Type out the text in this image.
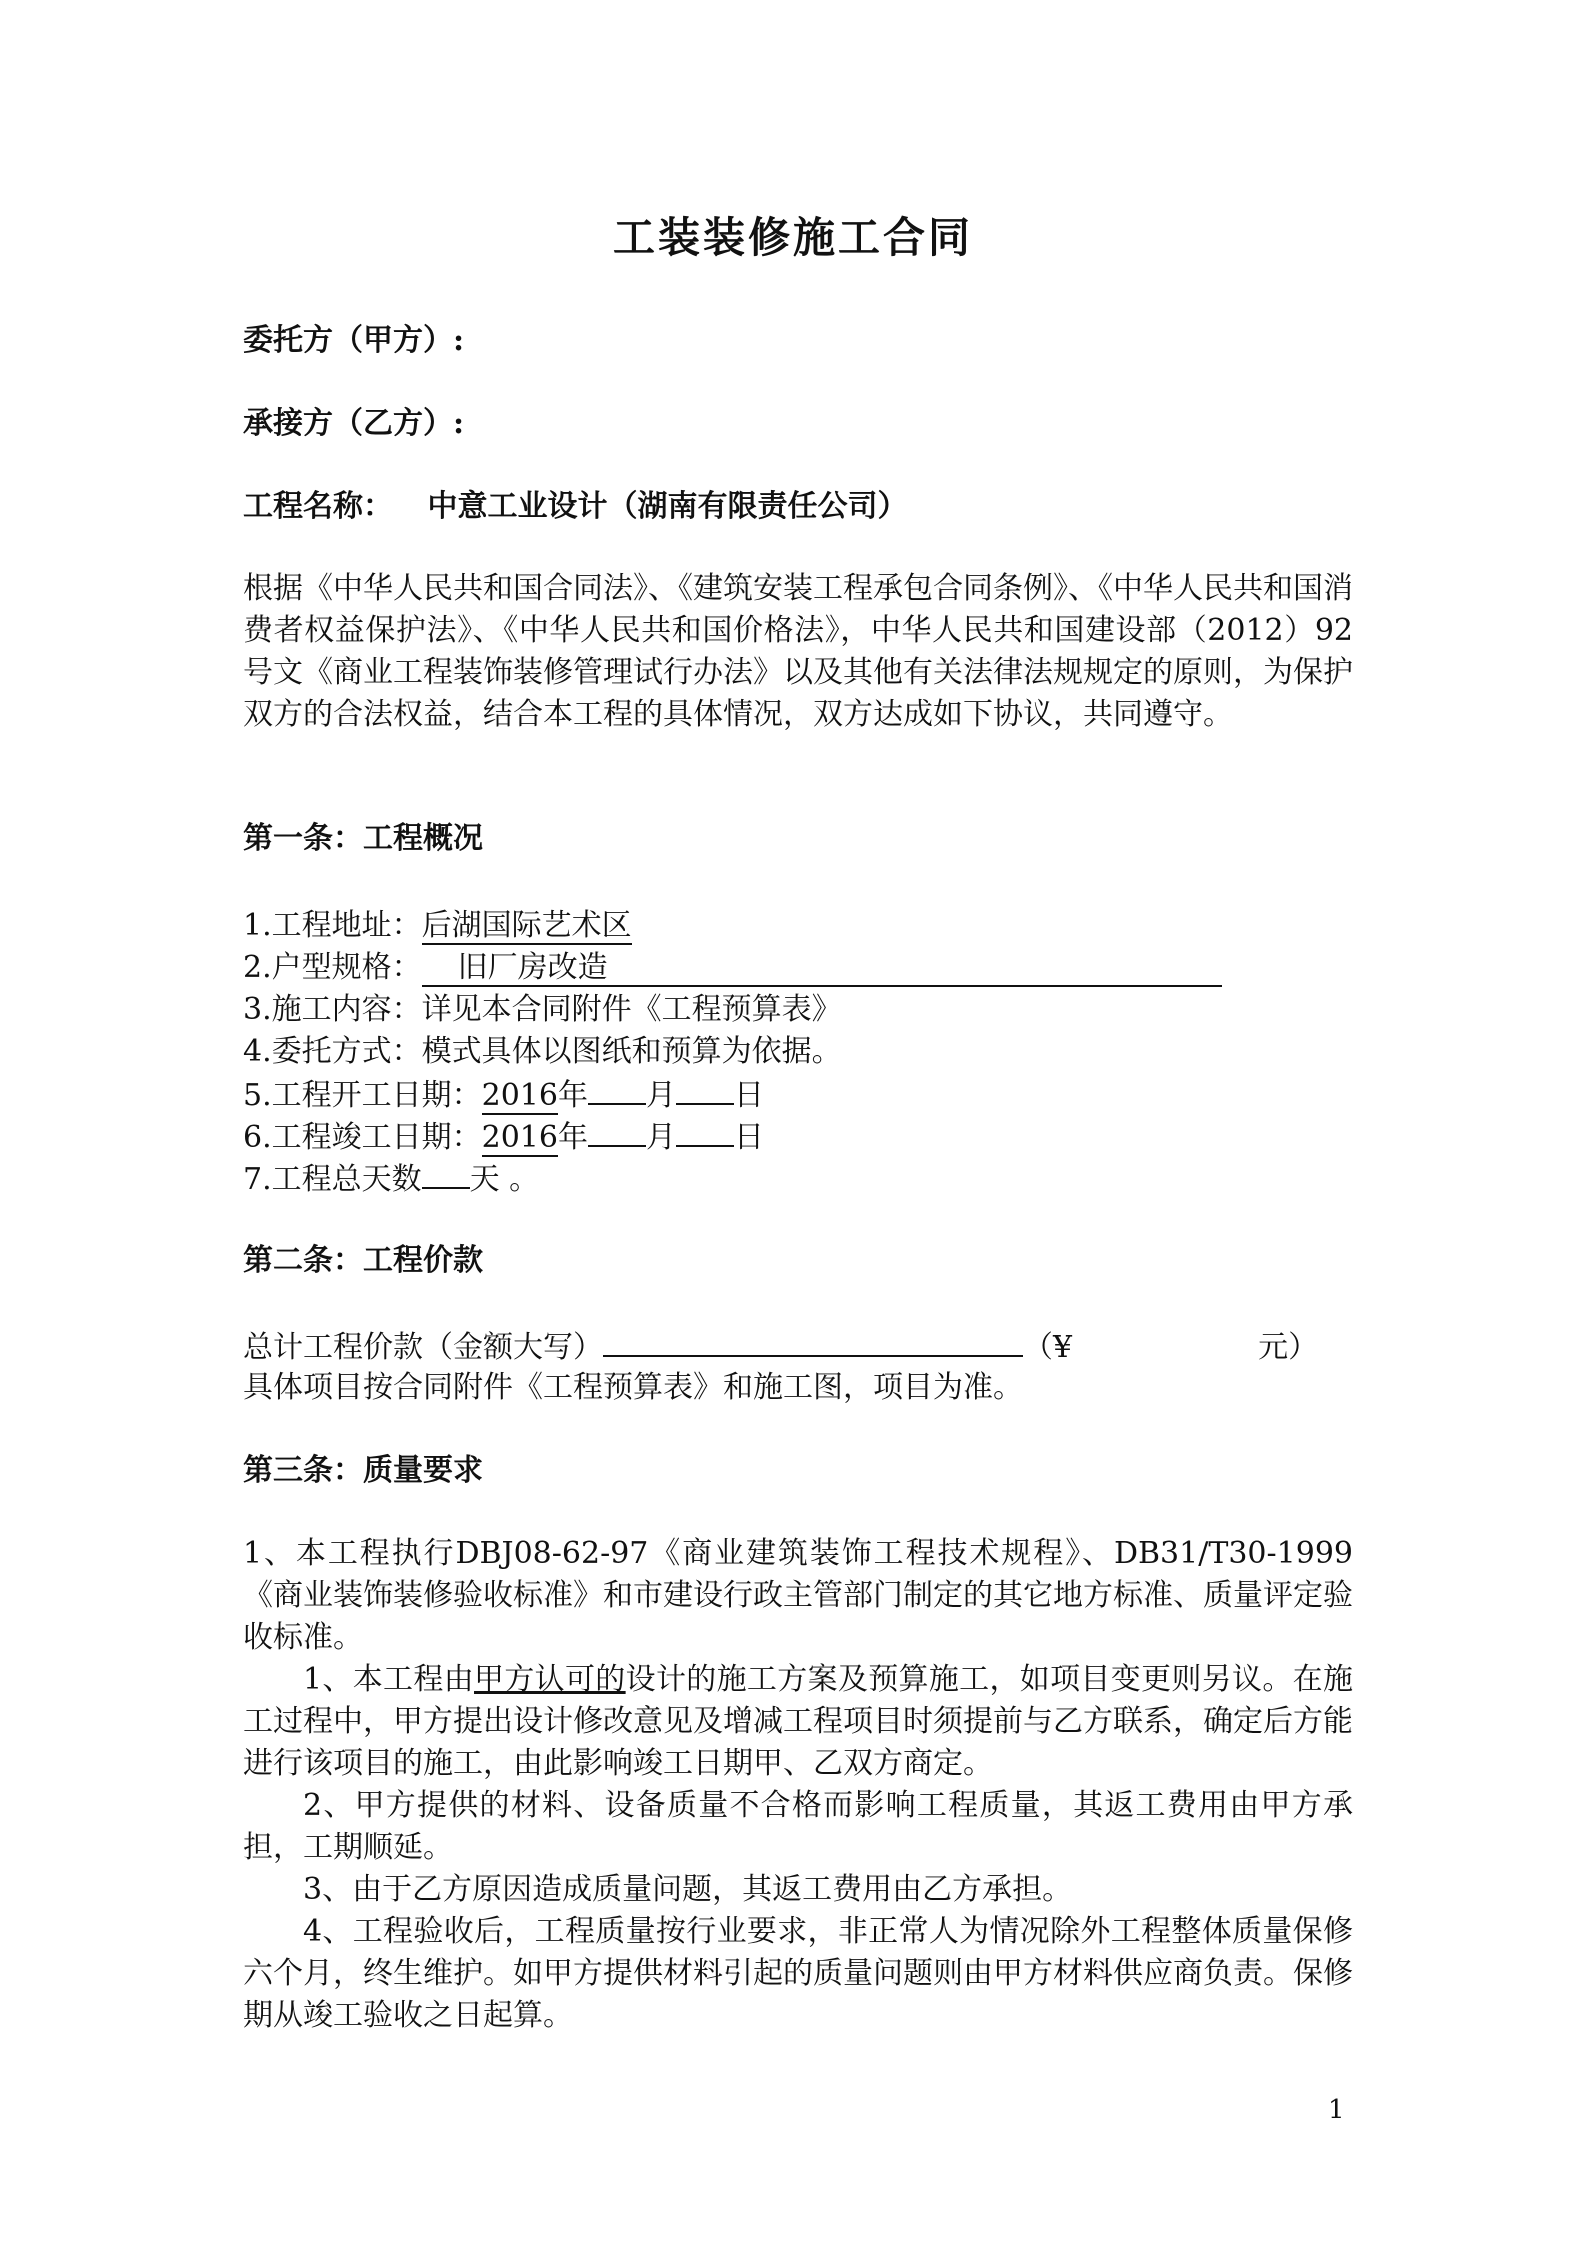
工装装修施工合同
委托方（甲方）:
承接方（乙方）:
工程名称： 中意工业设计（湖南有限责任公司）
根据《中华人民共和国合同法》、《建筑安装工程承包合同条例》、《中华人民共和国消费者权益保护法》、《中华人民共和国价格法》，中华人民共和国建设部（2012）92号文《商业工程装饰装修管理试行办法》以及其他有关法律法规规定的原则，为保护双方的合法权益，结合本工程的具体情况，双方达成如下协议，共同遵守。
第一条：工程概况
1.工程地址：后湖国际艺术区
2.户型规格： 旧厂房改造
3.施工内容：详见本合同附件《工程预算表》
4.委托方式：模式具体以图纸和预算为依据。
5.工程开工日期：2016年 月 日
6.工程竣工日期：2016年 月 日
7.工程总天数 天 。
第二条：工程价款
总计工程价款（金额大写）	（¥	元）
具体项目按合同附件《工程预算表》和施工图，项目为准。
第三条：质量要求
1、本工程执行DBJ08-62-97《商业建筑装饰工程技术规程》、DB31/T30-1999《商业装饰装修验收标准》和市建设行政主管部门制定的其它地方标准、质量评定验收标准。
1、本工程由甲方认可的设计的施工方案及预算施工，如项目变更则另议。在施工过程中，甲方提出设计修改意见及增减工程项目时须提前与乙方联系，确定后方能进行该项目的施工，由此影响竣工日期甲、乙双方商定。
2、甲方提供的材料、设备质量不合格而影响工程质量，其返工费用由甲方承担，工期顺延。
3、由于乙方原因造成质量问题，其返工费用由乙方承担。
4、工程验收后，工程质量按行业要求，非正常人为情况除外工程整体质量保修六个月，终生维护。如甲方提供材料引起的质量问题则由甲方材料供应商负责。保修期从竣工验收之日起算。
1
